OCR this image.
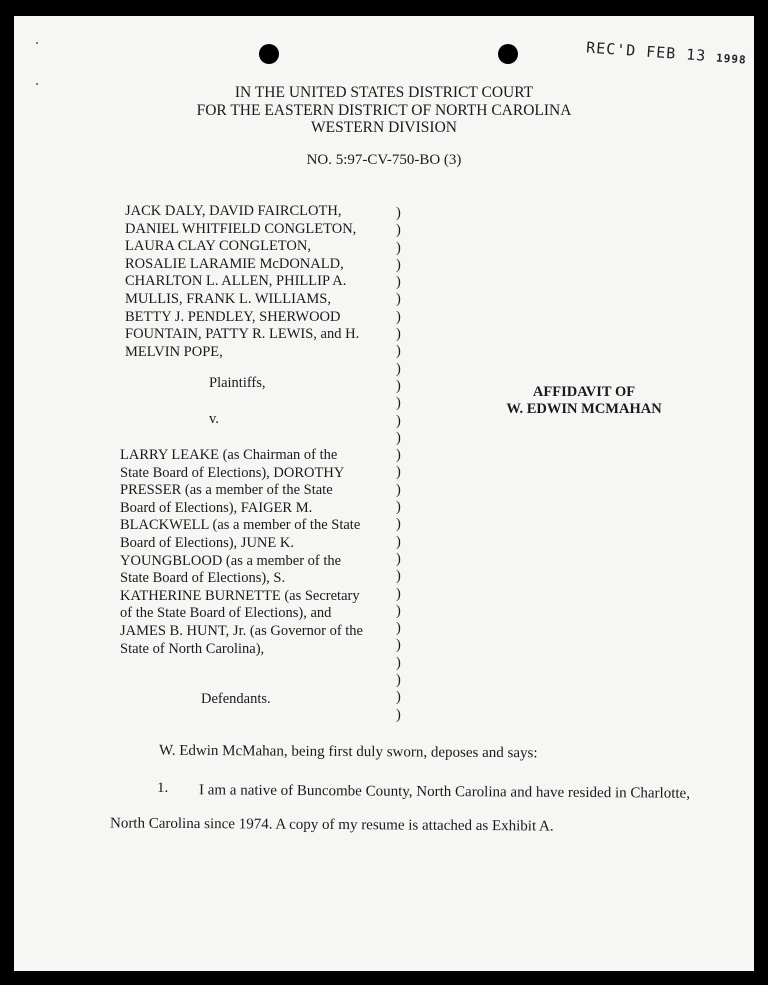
REC'D FEB 13 1998
IN THE UNITED STATES DISTRICT COURT
FOR THE EASTERN DISTRICT OF NORTH CAROLINA
WESTERN DIVISION
NO. 5:97-CV-750-BO (3)
JACK DALY, DAVID FAIRCLOTH,
DANIEL WHITFIELD CONGLETON,
LAURA CLAY CONGLETON,
ROSALIE LARAMIE McDONALD,
CHARLTON L. ALLEN, PHILLIP A.
MULLIS, FRANK L. WILLIAMS,
BETTY J. PENDLEY, SHERWOOD
FOUNTAIN, PATTY R. LEWIS, and H.
MELVIN POPE,
Plaintiffs,
v.
LARRY LEAKE (as Chairman of the
State Board of Elections), DOROTHY
PRESSER (as a member of the State
Board of Elections), FAIGER M.
BLACKWELL (as a member of the State
Board of Elections), JUNE K.
YOUNGBLOOD (as a member of the
State Board of Elections), S.
KATHERINE BURNETTE (as Secretary
of the State Board of Elections), and
JAMES B. HUNT, Jr. (as Governor of the
State of North Carolina),
Defendants.
)
)
)
)
)
)
)
)
)
)
)
)
)
)
)
)
)
)
)
)
)
)
)
)
)
)
)
)
)
)
AFFIDAVIT OF
W. EDWIN MCMAHAN
W. Edwin McMahan, being first duly sworn, deposes and says:
1. I am a native of Buncombe County, North Carolina and have resided in Charlotte,
North Carolina since 1974. A copy of my resume is attached as Exhibit A.
